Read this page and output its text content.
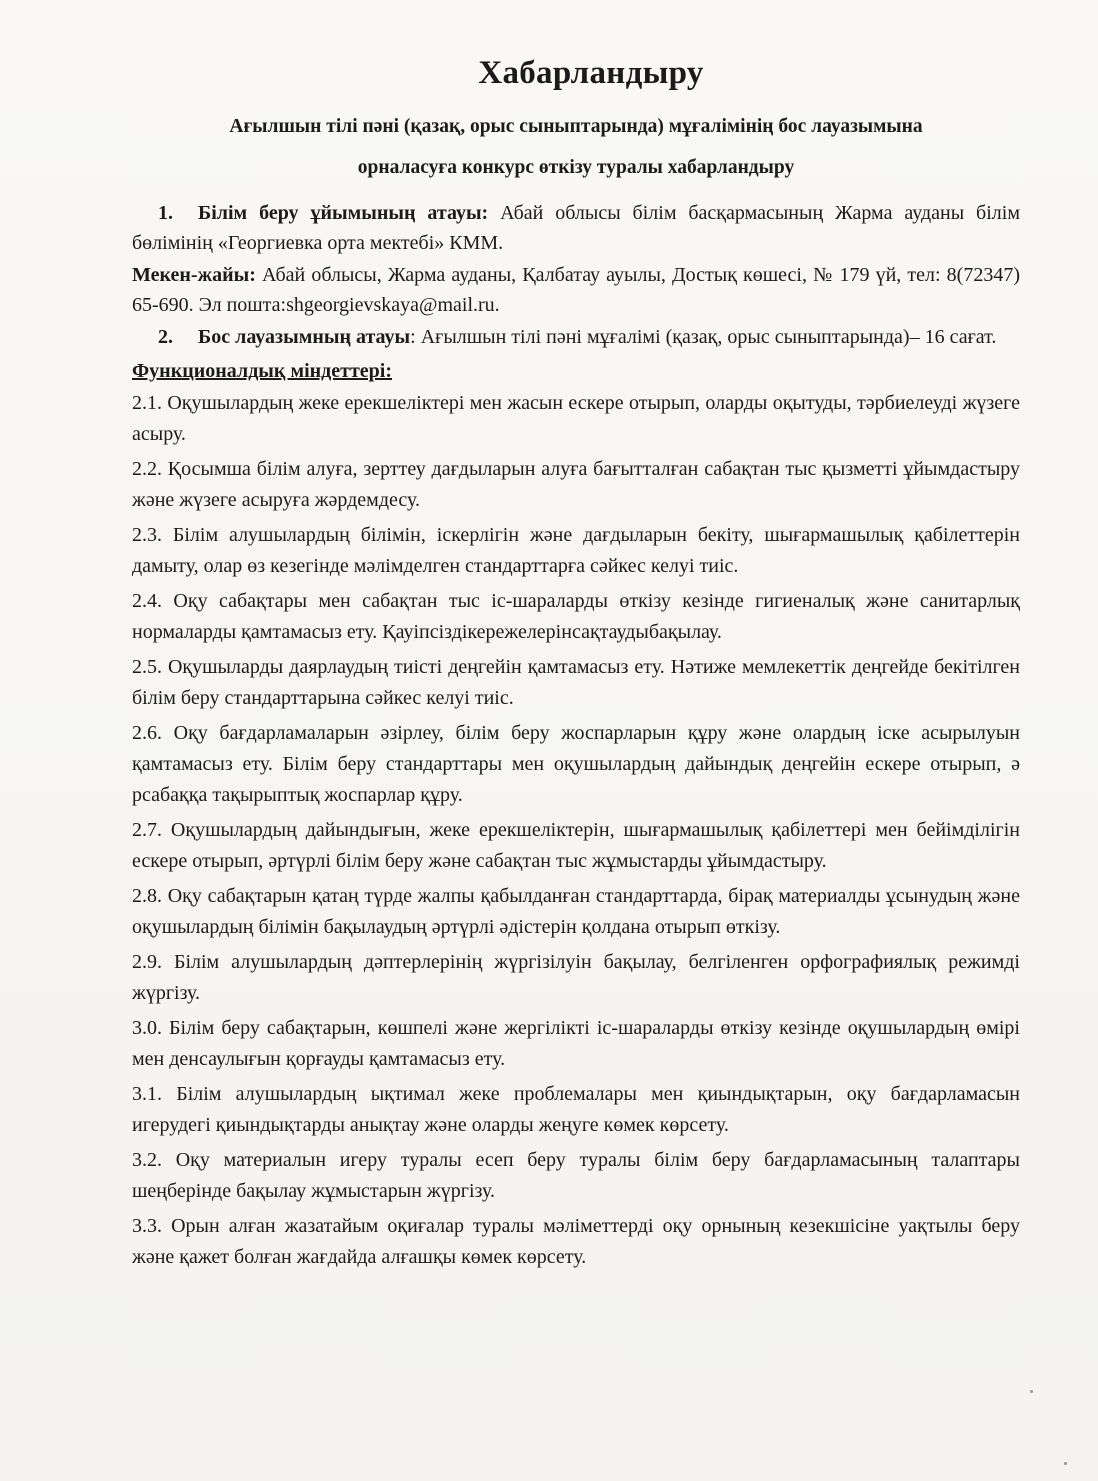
Хабарландыру

Ағылшын тілі пәні (қазақ, орыс сыныптарында) мұғалімінің бос лауазымына

орналасуға конкурс өткізу туралы хабарландыру

1. Білім беру ұйымының атауы: Абай облысы білім басқармасының Жарма ауданы білім бөлімінің «Георгиевка орта мектебі» КММ.

Мекен-жайы: Абай облысы, Жарма ауданы, Қалбатау ауылы, Достық көшесі, № 179 үй, тел: 8(72347) 65-690. Эл пошта:shgeorgievskaya@mail.ru.

2. Бос лауазымның атауы: Ағылшын тілі пәні мұғалімі (қазақ, орыс сыныптарында)– 16 сағат.

Функционалдық міндеттері:

2.1. Оқушылардың жеке ерекшеліктері мен жасын ескере отырып, оларды оқытуды, тәрбиелеуді жүзеге асыру.

2.2. Қосымша білім алуға, зерттеу дағдыларын алуға бағытталған сабақтан тыс қызметті ұйымдастыру және жүзеге асыруға жәрдемдесу.

2.3. Білім алушылардың білімін, іскерлігін және дағдыларын бекіту, шығармашылық қабілеттерін дамыту, олар өз кезегінде мәлімделген стандарттарға сәйкес келуі тиіс.

2.4. Оқу сабақтары мен сабақтан тыс іс-шараларды өткізу кезінде гигиеналық және санитарлық нормаларды қамтамасыз ету. Қауіпсіздікережелерінсақтаудыбақылау.

2.5. Оқушыларды даярлаудың тиісті деңгейін қамтамасыз ету. Нәтиже мемлекеттік деңгейде бекітілген білім беру стандарттарына сәйкес келуі тиіс.

2.6. Оқу бағдарламаларын әзірлеу, білім беру жоспарларын құру және олардың іске асырылуын қамтамасыз ету. Білім беру стандарттары мен оқушылардың дайындық деңгейін ескере отырып, ә рсабаққа тақырыптық жоспарлар құру.

2.7. Оқушылардың дайындығын, жеке ерекшеліктерін, шығармашылық қабілеттері мен бейімділігін ескере отырып, әртүрлі білім беру және сабақтан тыс жұмыстарды ұйымдастыру.

2.8. Оқу сабақтарын қатаң түрде жалпы қабылданған стандарттарда, бірақ материалды ұсынудың және оқушылардың білімін бақылаудың әртүрлі әдістерін қолдана отырып өткізу.

2.9. Білім алушылардың дәптерлерінің жүргізілуін бақылау, белгіленген орфографиялық режимді жүргізу.

3.0. Білім беру сабақтарын, көшпелі және жергілікті іс-шараларды өткізу кезінде оқушылардың өмірі мен денсаулығын қорғауды қамтамасыз ету.

3.1. Білім алушылардың ықтимал жеке проблемалары мен қиындықтарын, оқу бағдарламасын игерудегі қиындықтарды анықтау және оларды жеңуге көмек көрсету.

3.2. Оқу материалын игеру туралы есеп беру туралы білім беру бағдарламасының талаптары шеңберінде бақылау жұмыстарын жүргізу.

3.3. Орын алған жазатайым оқиғалар туралы мәліметтерді оқу орнының кезекшісіне уақтылы беру және қажет болған жағдайда алғашқы көмек көрсету.
